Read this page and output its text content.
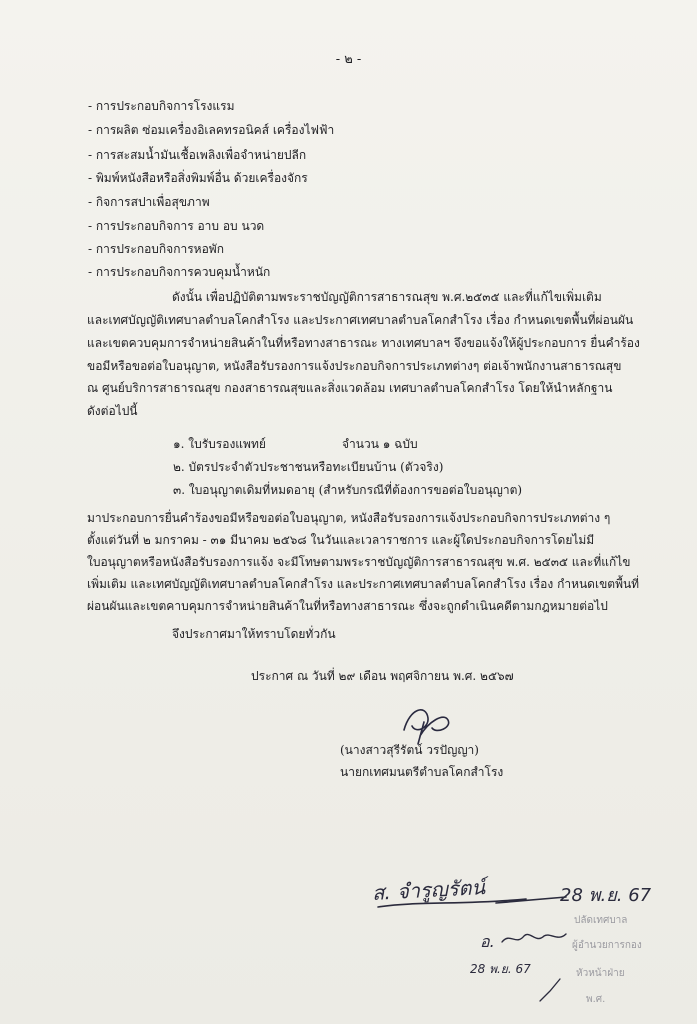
- ๒ -
- การประกอบกิจการโรงแรม
- การผลิต ซ่อมเครื่องอิเลคทรอนิคส์ เครื่องไฟฟ้า
- การสะสมน้ำมันเชื้อเพลิงเพื่อจำหน่ายปลีก
- พิมพ์หนังสือหรือสิ่งพิมพ์อื่น ด้วยเครื่องจักร
- กิจการสปาเพื่อสุขภาพ
- การประกอบกิจการ อาบ อบ นวด
- การประกอบกิจการหอพัก
- การประกอบกิจการควบคุมน้ำหนัก
ดังนั้น เพื่อปฏิบัติตามพระราชบัญญัติการสาธารณสุข พ.ศ.๒๕๓๕ และที่แก้ไขเพิ่มเติม
และเทศบัญญัติเทศบาลตำบลโคกสำโรง และประกาศเทศบาลตำบลโคกสำโรง เรื่อง กำหนดเขตพื้นที่ผ่อนผัน
และเขตควบคุมการจำหน่ายสินค้าในที่หรือทางสาธารณะ ทางเทศบาลฯ จึงขอแจ้งให้ผู้ประกอบการ ยื่นคำร้อง
ขอมีหรือขอต่อใบอนุญาต, หนังสือรับรองการแจ้งประกอบกิจการประเภทต่างๆ ต่อเจ้าพนักงานสาธารณสุข
ณ ศูนย์บริการสาธารณสุข กองสาธารณสุขและสิ่งแวดล้อม เทศบาลตำบลโคกสำโรง โดยให้นำหลักฐาน
ดังต่อไปนี้
๑. ใบรับรองแพทย์	จำนวน ๑ ฉบับ
๒. บัตรประจำตัวประชาชนหรือทะเบียนบ้าน (ตัวจริง)
๓. ใบอนุญาตเดิมที่หมดอายุ (สำหรับกรณีที่ต้องการขอต่อใบอนุญาต)
มาประกอบการยื่นคำร้องขอมีหรือขอต่อใบอนุญาต, หนังสือรับรองการแจ้งประกอบกิจการประเภทต่าง ๆ
ตั้งแต่วันที่ ๒ มกราคม - ๓๑ มีนาคม ๒๕๖๘ ในวันและเวลาราชการ และผู้ใดประกอบกิจการโดยไม่มี
ใบอนุญาตหรือหนังสือรับรองการแจ้ง จะมีโทษตามพระราชบัญญัติการสาธารณสุข พ.ศ. ๒๕๓๕ และที่แก้ไข
เพิ่มเติม และเทศบัญญัติเทศบาลตำบลโคกสำโรง และประกาศเทศบาลตำบลโคกสำโรง เรื่อง กำหนดเขตพื้นที่
ผ่อนผันและเขตคาบคุมการจำหน่ายสินค้าในที่หรือทางสาธารณะ ซึ่งจะถูกดำเนินคดีตามกฎหมายต่อไป
จึงประกาศมาให้ทราบโดยทั่วกัน
ประกาศ ณ วันที่ ๒๙ เดือน พฤศจิกายน พ.ศ. ๒๕๖๗
(นางสาวสุรีรัตน์ วรปัญญา)
นายกเทศมนตรีตำบลโคกสำโรง
ส. จำรูญรัตน์	28 พ.ย. 67
ปลัดเทศบาล
อ.	ผู้อำนวยการกอง
28 พ.ย. 67	หัวหน้าฝ่าย
พ.ศ.
